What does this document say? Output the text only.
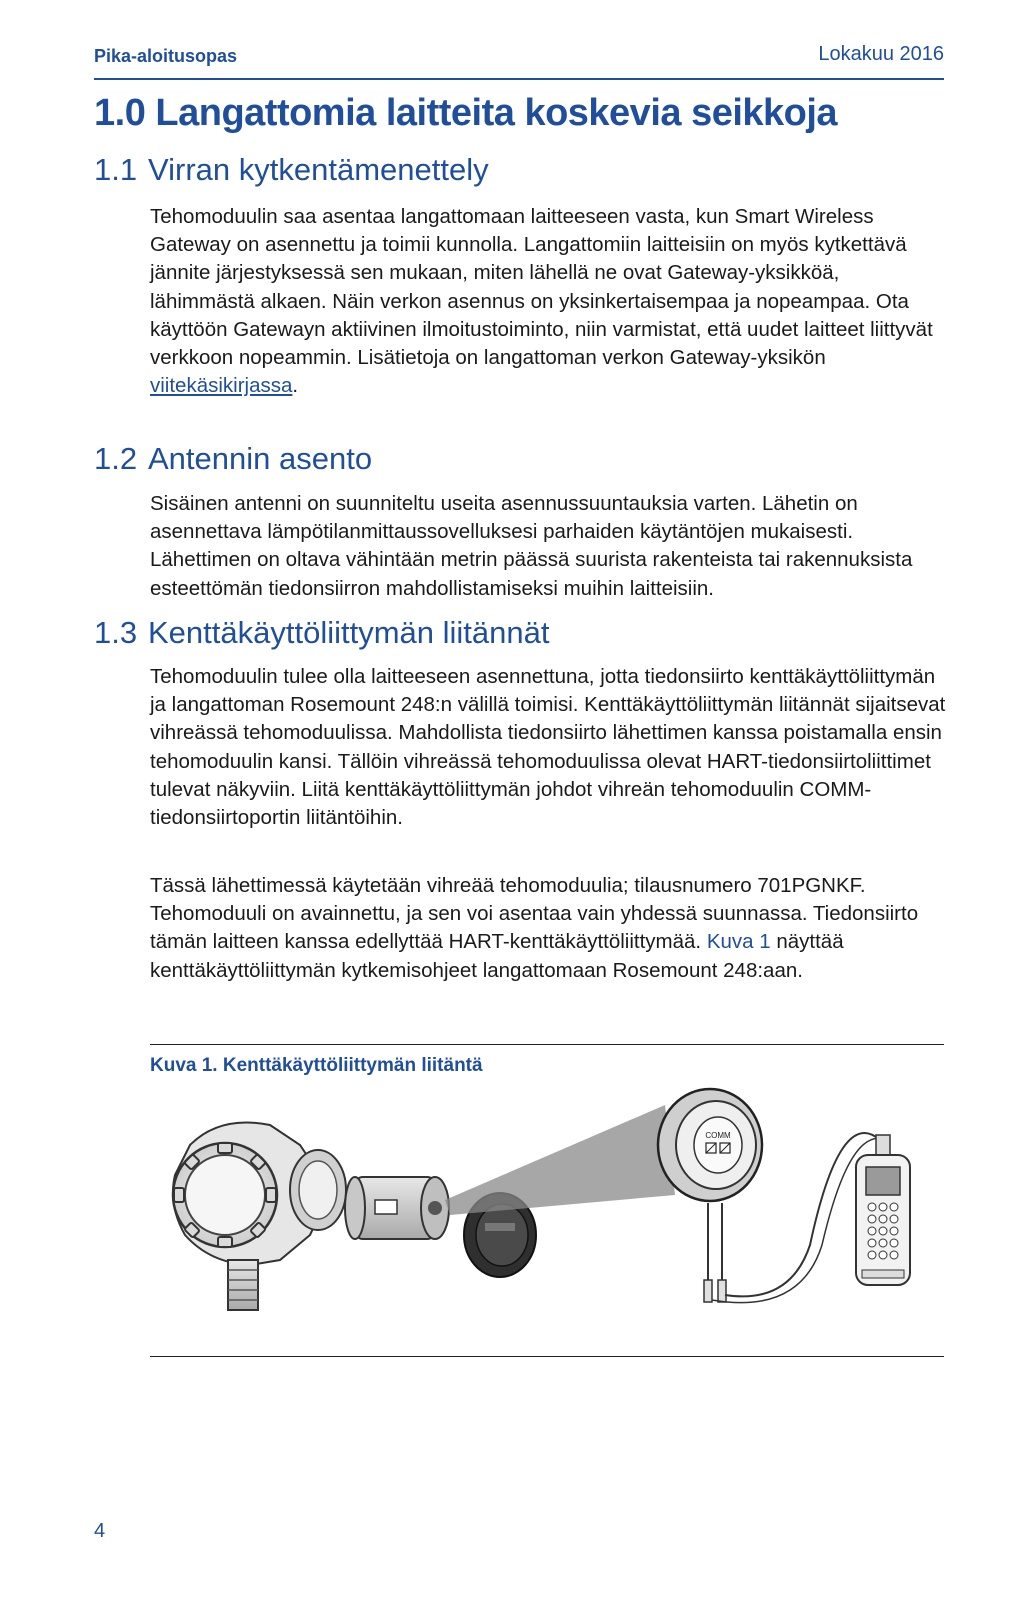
Pika-aloitusopas	Lokakuu 2016
1.0 Langattomia laitteita koskevia seikkoja
1.1 Virran kytkentämenettely

Tehomoduulin saa asentaa langattomaan laitteeseen vasta, kun Smart Wireless Gateway on asennettu ja toimii kunnolla. Langattomiin laitteisiin on myös kytkettävä jännite järjestyksessä sen mukaan, miten lähellä ne ovat Gateway-yksikköä, lähimmästä alkaen. Näin verkon asennus on yksinkertaisempaa ja nopeampaa. Ota käyttöön Gatewayn aktiivinen ilmoitustoiminto, niin varmistat, että uudet laitteet liittyvät verkkoon nopeammin. Lisätietoja on langattoman verkon Gateway-yksikön viitekäsikirjassa.

1.2 Antennin asento

Sisäinen antenni on suunniteltu useita asennussuuntauksia varten. Lähetin on asennettava lämpötilanmittaussovelluksesi parhaiden käytäntöjen mukaisesti. Lähettimen on oltava vähintään metrin päässä suurista rakenteista tai rakennuksista esteettömän tiedonsiirron mahdollistamiseksi muihin laitteisiin.

1.3 Kenttäkäyttöliittymän liitännät

Tehomoduulin tulee olla laitteeseen asennettuna, jotta tiedonsiirto kenttäkäyttöliittymän ja langattoman Rosemount 248:n välillä toimisi. Kenttäkäyttöliittymän liitännät sijaitsevat vihreässä tehomoduulissa. Mahdollista tiedonsiirto lähettimen kanssa poistamalla ensin tehomoduulin kansi. Tällöin vihreässä tehomoduulissa olevat HART-tiedonsiirtoliittimet tulevat näkyviin. Liitä kenttäkäyttöliittymän johdot vihreän tehomoduulin COMM-tiedonsiirtoportin liitäntöihin.

Tässä lähettimessä käytetään vihreää tehomoduulia; tilausnumero 701PGNKF. Tehomoduuli on avainnettu, ja sen voi asentaa vain yhdessä suunnassa. Tiedonsiirto tämän laitteen kanssa edellyttää HART-kenttäkäyttöliittymää. Kuva 1 näyttää kenttäkäyttöliittymän kytkemisohjeet langattomaan Rosemount 248:aan.

Kuva 1. Kenttäkäyttöliittymän liitäntä
COMM
4
